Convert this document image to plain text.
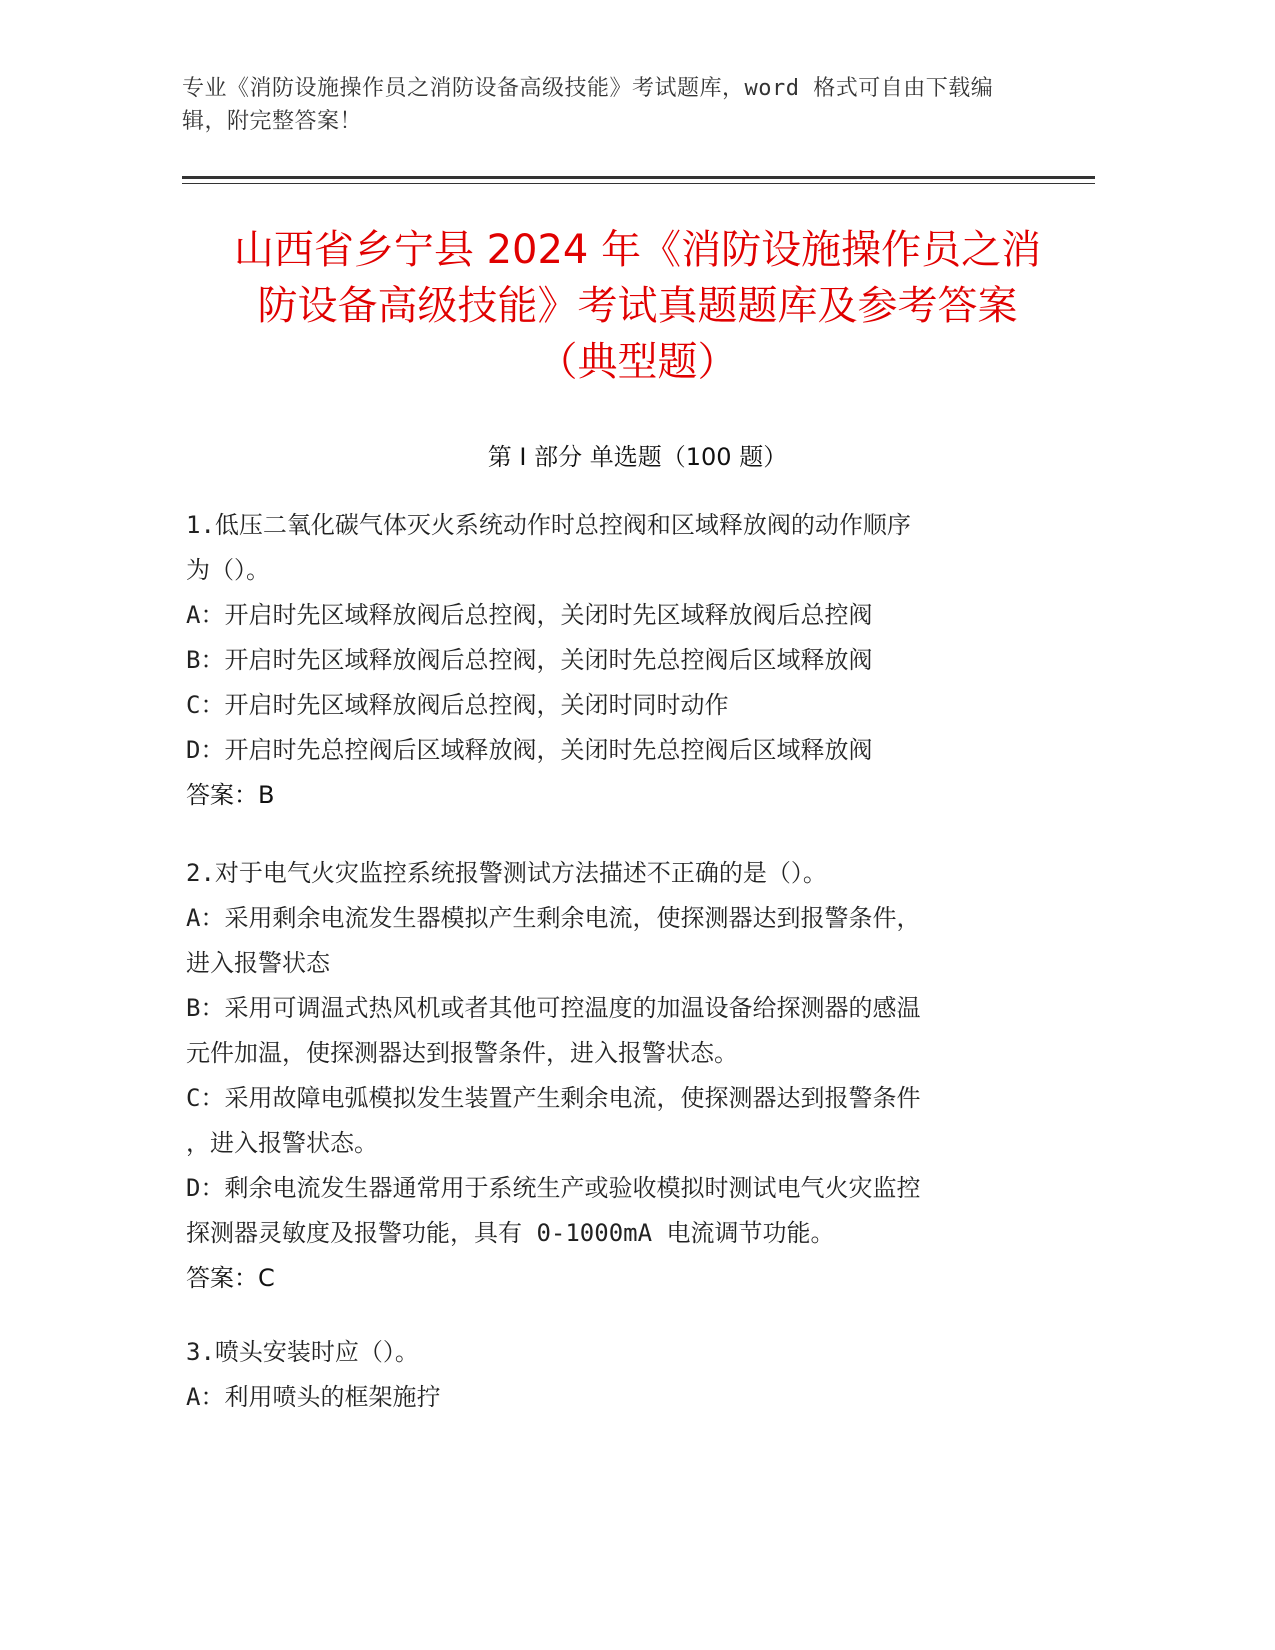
专业《消防设施操作员之消防设备高级技能》考试题库，word 格式可自由下载编
辑，附完整答案！
山西省乡宁县 2024 年《消防设施操作员之消
防设备高级技能》考试真题题库及参考答案
（典型题）
第 I 部分 单选题（100 题）
1.低压二氧化碳气体灭火系统动作时总控阀和区域释放阀的动作顺序
为（）。
A：开启时先区域释放阀后总控阀，关闭时先区域释放阀后总控阀
B：开启时先区域释放阀后总控阀，关闭时先总控阀后区域释放阀
C：开启时先区域释放阀后总控阀，关闭时同时动作
D：开启时先总控阀后区域释放阀，关闭时先总控阀后区域释放阀
答案：B
2.对于电气火灾监控系统报警测试方法描述不正确的是（）。
A：采用剩余电流发生器模拟产生剩余电流，使探测器达到报警条件，
进入报警状态
B：采用可调温式热风机或者其他可控温度的加温设备给探测器的感温
元件加温，使探测器达到报警条件，进入报警状态。
C：采用故障电弧模拟发生装置产生剩余电流，使探测器达到报警条件
，进入报警状态。
D：剩余电流发生器通常用于系统生产或验收模拟时测试电气火灾监控
探测器灵敏度及报警功能，具有 0-1000mA 电流调节功能。
答案：C
3.喷头安装时应（）。
A：利用喷头的框架施拧
